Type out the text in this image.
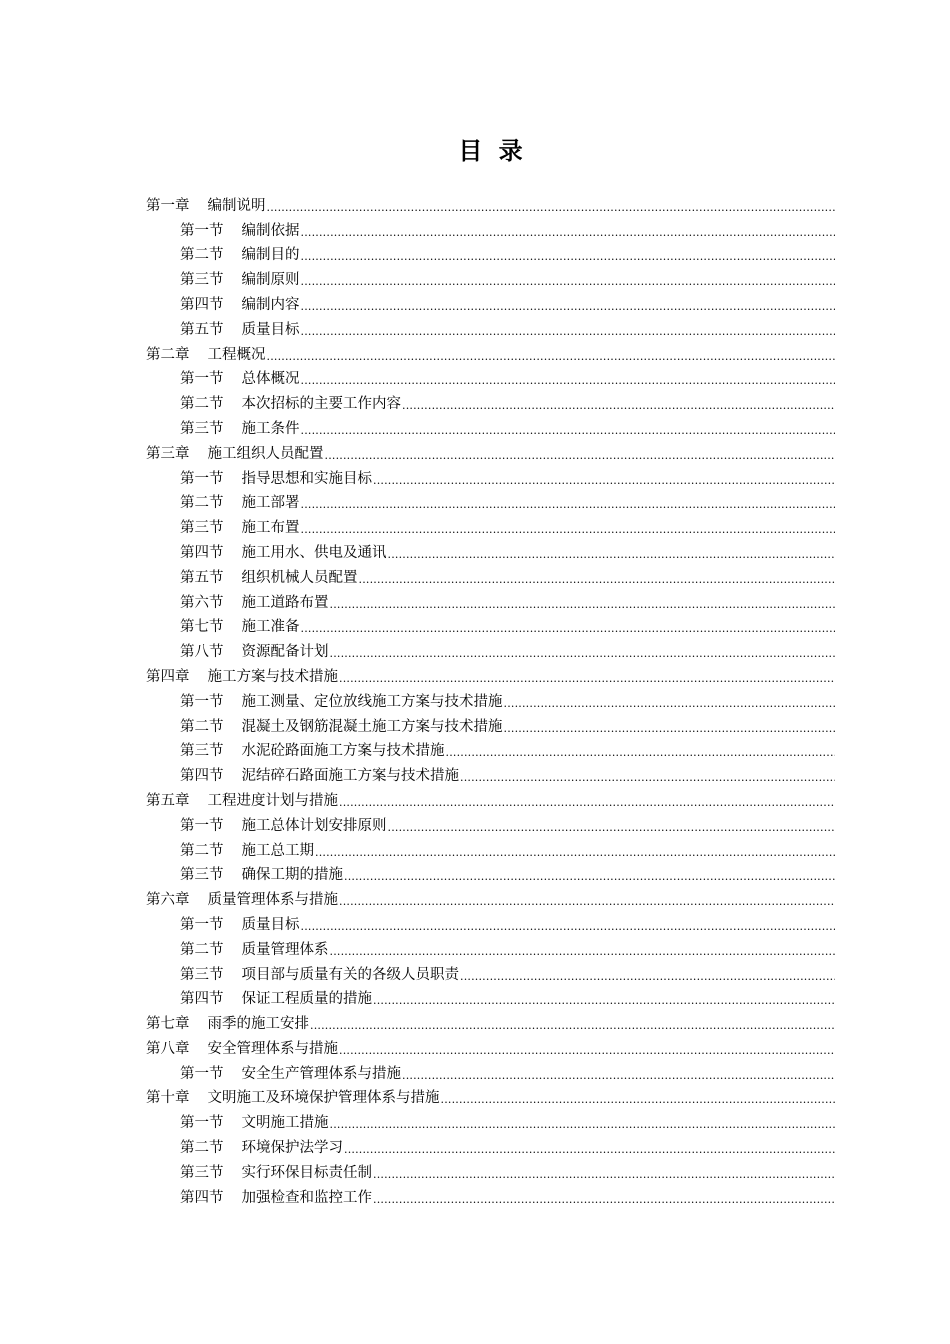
目 录
第一章 编制说明
.....
第一节 编制依据
.....
第二节 编制目的
.....
第三节 编制原则
.....
第四节 编制内容
.....
第五节 质量目标
.....
第二章 工程概况
.....
第一节 总体概况
.....
第二节 本次招标的主要工作内容
.....
第三节 施工条件
.....
第三章 施工组织人员配置
.....
第一节 指导思想和实施目标
.....
第二节 施工部署
.....
第三节 施工布置
.....
第四节 施工用水、供电及通讯
.....
第五节 组织机械人员配置
.....
第六节 施工道路布置
.....
第七节 施工准备
.....
第八节 资源配备计划
.....
第四章 施工方案与技术措施
.....
第一节 施工测量、定位放线施工方案与技术措施
.....
第二节 混凝土及钢筋混凝土施工方案与技术措施
.....
第三节 水泥砼路面施工方案与技术措施
.....
第四节 泥结碎石路面施工方案与技术措施
.....
第五章 工程进度计划与措施
.....
第一节 施工总体计划安排原则
.....
第二节 施工总工期
.....
第三节 确保工期的措施
.....
第六章 质量管理体系与措施
.....
第一节 质量目标
.....
第二节 质量管理体系
.....
第三节 项目部与质量有关的各级人员职责
.....
第四节 保证工程质量的措施
.....
第七章 雨季的施工安排
.....
第八章 安全管理体系与措施
.....
第一节 安全生产管理体系与措施
.....
第十章 文明施工及环境保护管理体系与措施
.....
第一节 文明施工措施
.....
第二节 环境保护法学习
.....
第三节 实行环保目标责任制
.....
第四节 加强检查和监控工作
.....
